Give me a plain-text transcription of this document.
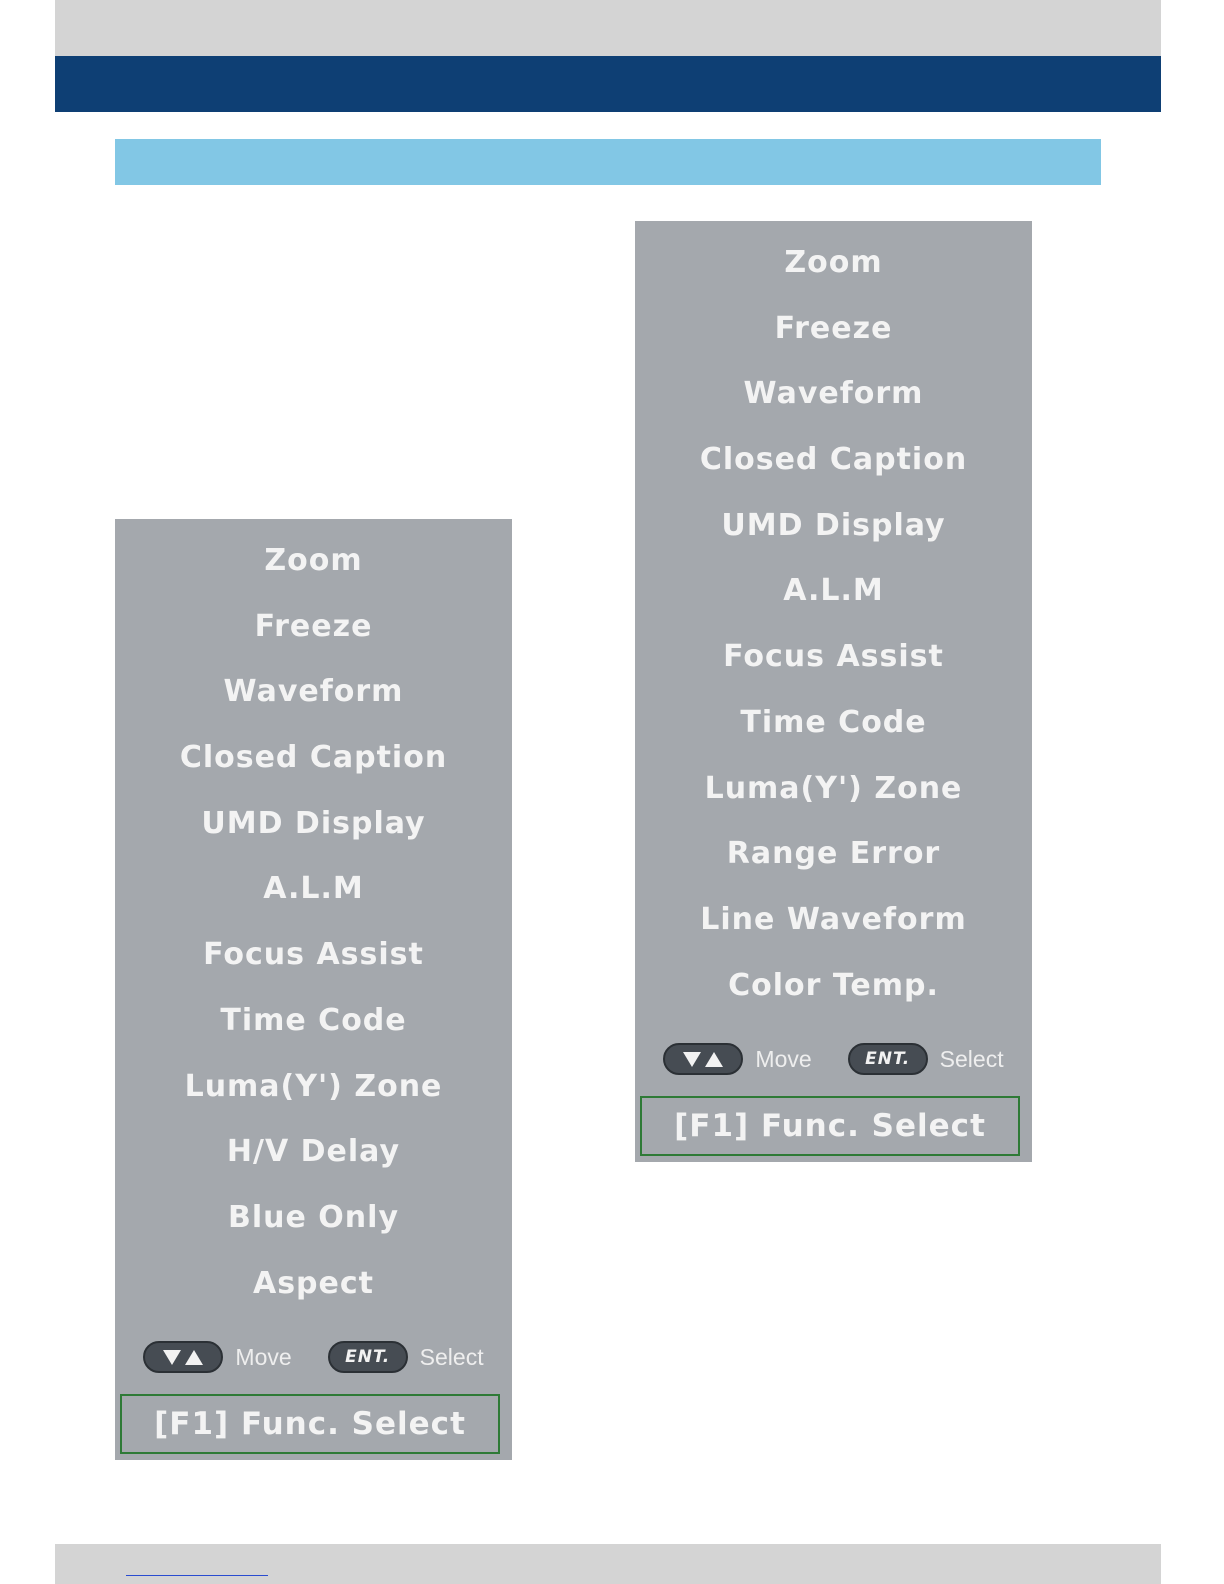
Zoom
Freeze
Waveform
Closed Caption
UMD Display
A.L.M
Focus Assist
Time Code
Luma(Y') Zone
H/V Delay
Blue Only
Aspect
Move	ENT. Select
[F1] Func. Select
Zoom
Freeze
Waveform
Closed Caption
UMD Display
A.L.M
Focus Assist
Time Code
Luma(Y') Zone
Range Error
Line Waveform
Color Temp.
Move	ENT. Select
[F1] Func. Select
